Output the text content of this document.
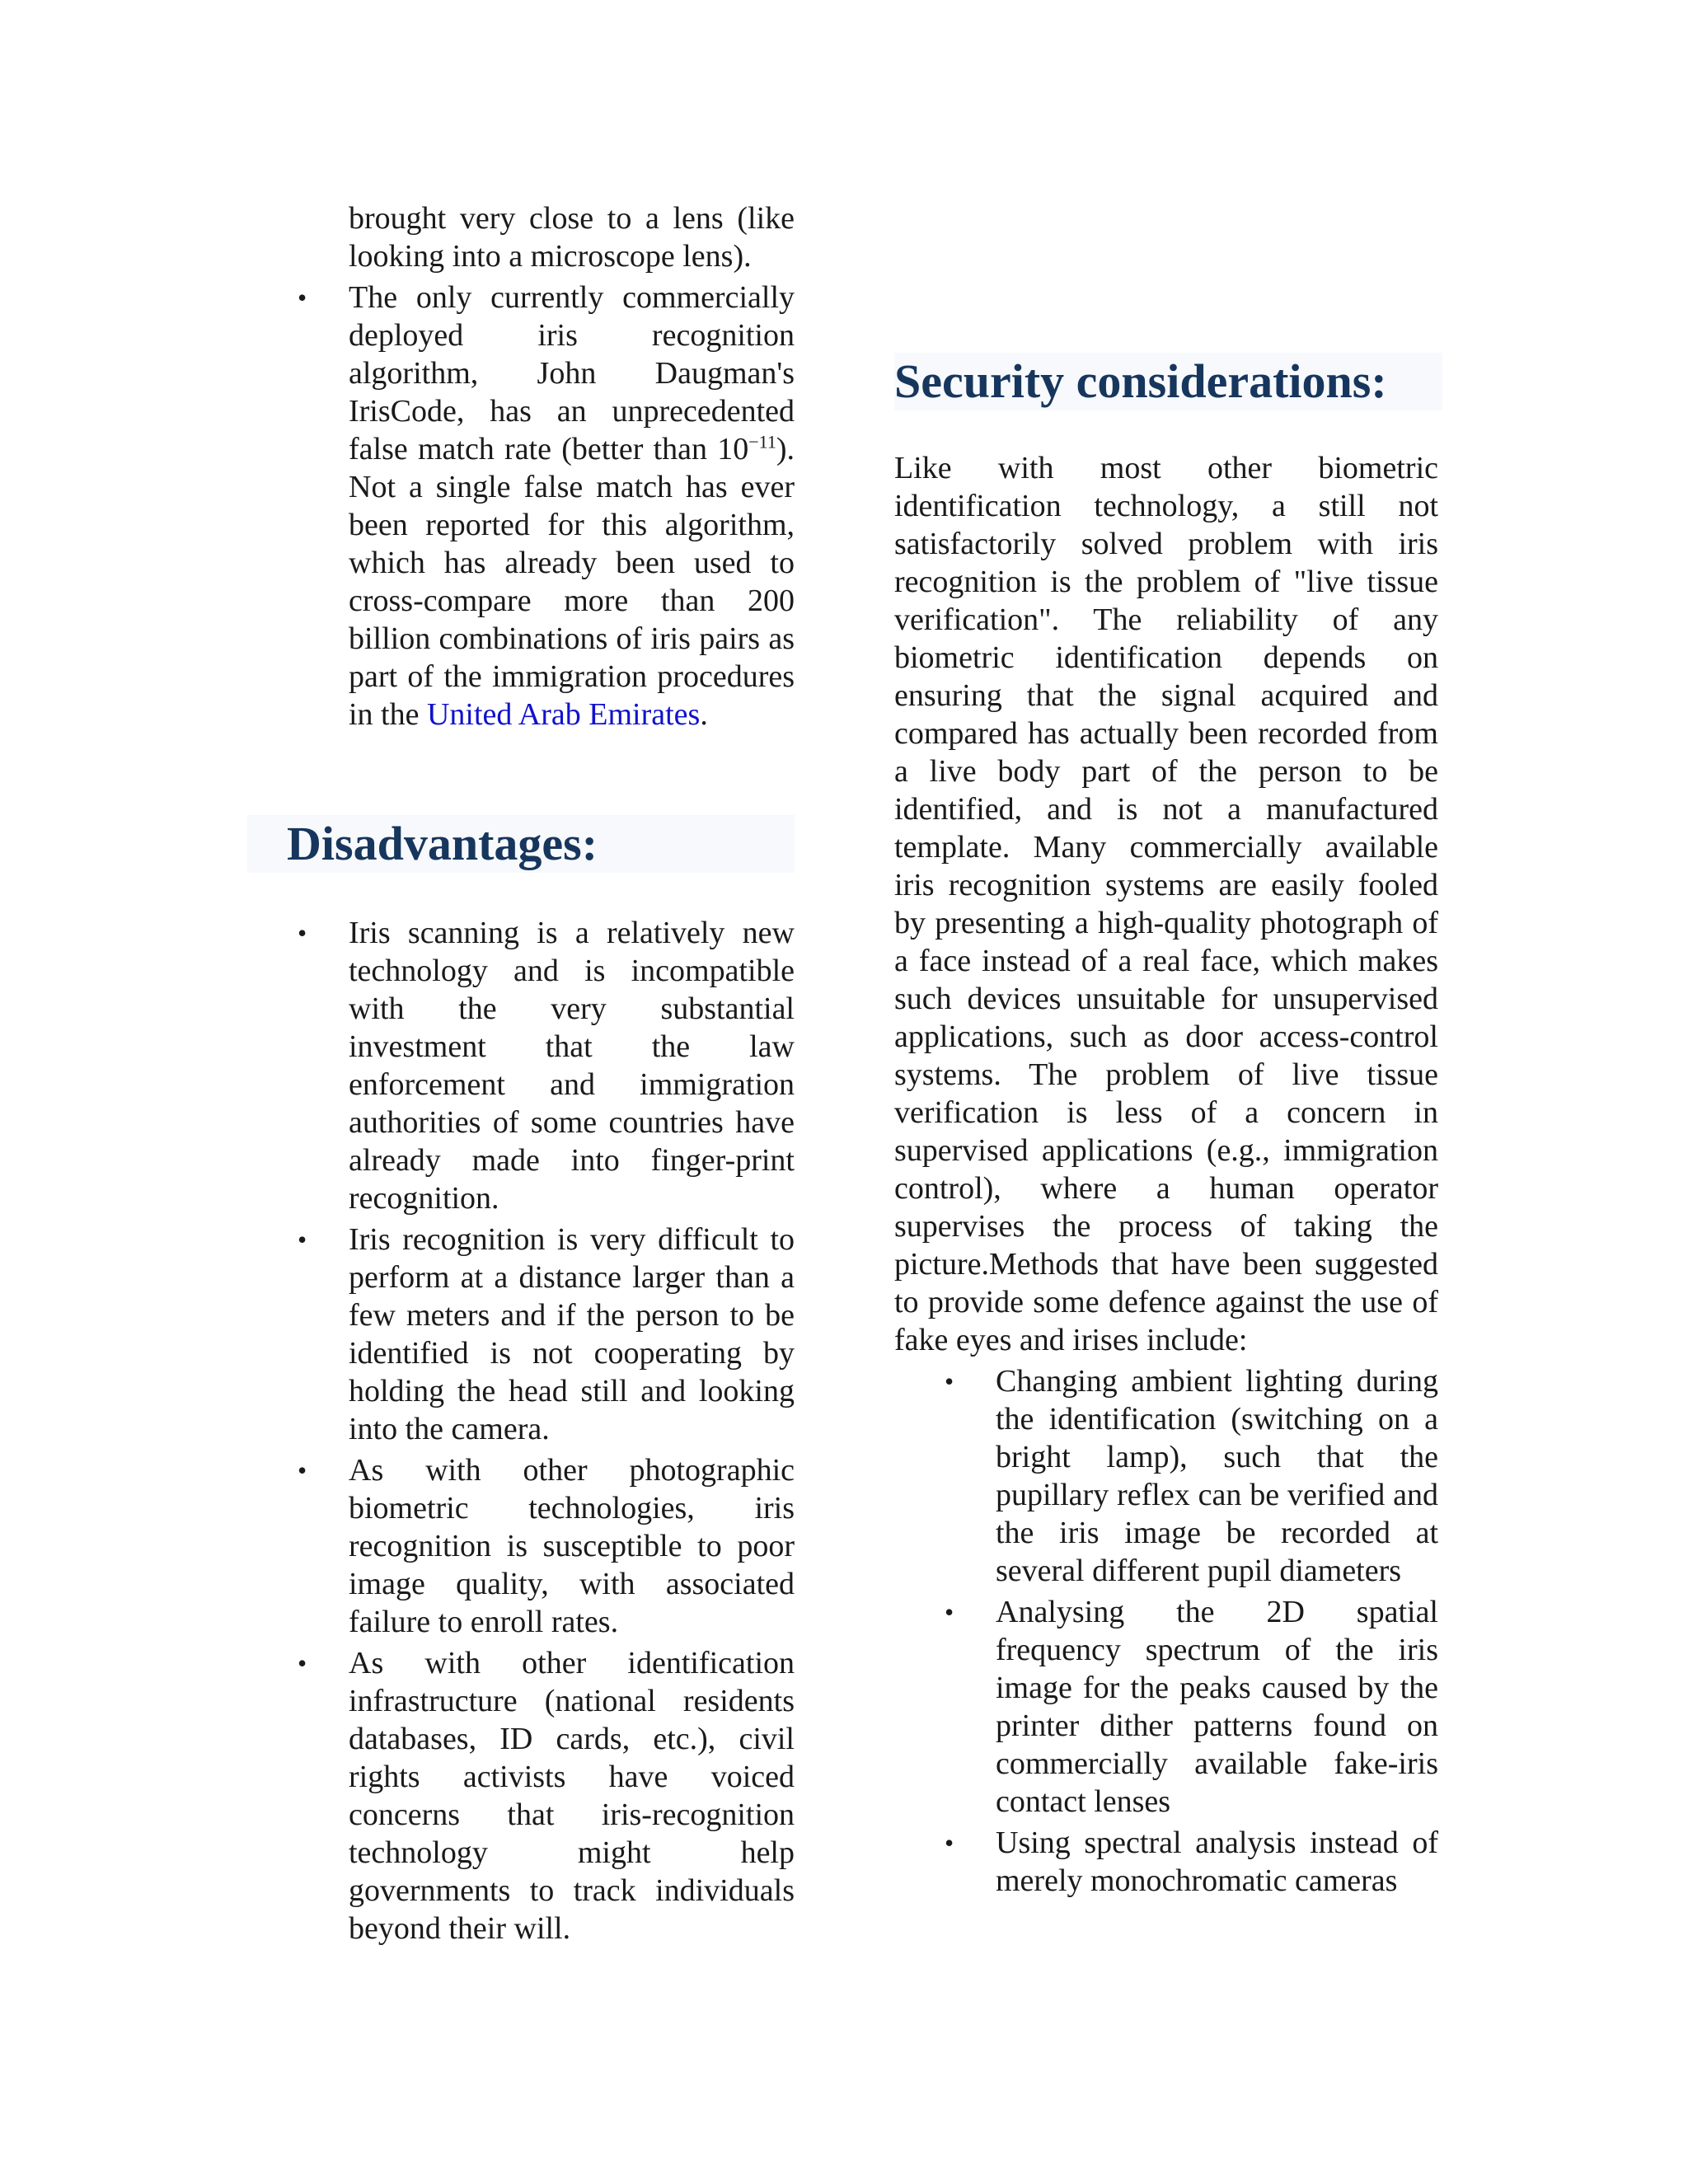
brought very close to a lens (like looking into a microscope lens).
• The only currently commercially deployed iris recognition algorithm, John Daugman's IrisCode, has an unprecedented false match rate (better than $10^{-11}$). Not a single false match has ever been reported for this algorithm, which has already been used to cross-compare more than 200 billion combinations of iris pairs as part of the immigration procedures in the United Arab Emirates.
Disadvantages:
• Iris scanning is a relatively new technology and is incompatible with the very substantial investment that the law enforcement and immigration authorities of some countries have already made into finger-print recognition.
• Iris recognition is very difficult to perform at a distance larger than a few meters and if the person to be identified is not cooperating by holding the head still and looking into the camera.
• As with other photographic biometric technologies, iris recognition is susceptible to poor image quality, with associated failure to enroll rates.
• As with other identification infrastructure (national residents databases, ID cards, etc.), civil rights activists have voiced concerns that iris-recognition technology might help governments to track individuals beyond their will.
Security considerations:
Like with most other biometric identification technology, a still not satisfactorily solved problem with iris recognition is the problem of "live tissue verification". The reliability of any biometric identification depends on ensuring that the signal acquired and compared has actually been recorded from a live body part of the person to be identified, and is not a manufactured template. Many commercially available iris recognition systems are easily fooled by presenting a high-quality photograph of a face instead of a real face, which makes such devices unsuitable for unsupervised applications, such as door access-control systems. The problem of live tissue verification is less of a concern in supervised applications (e.g., immigration control), where a human operator supervises the process of taking the picture.Methods that have been suggested to provide some defence against the use of fake eyes and irises include:
• Changing ambient lighting during the identification (switching on a bright lamp), such that the pupillary reflex can be verified and the iris image be recorded at several different pupil diameters
• Analysing the 2D spatial frequency spectrum of the iris image for the peaks caused by the printer dither patterns found on commercially available fake-iris contact lenses
• Using spectral analysis instead of merely monochromatic cameras
